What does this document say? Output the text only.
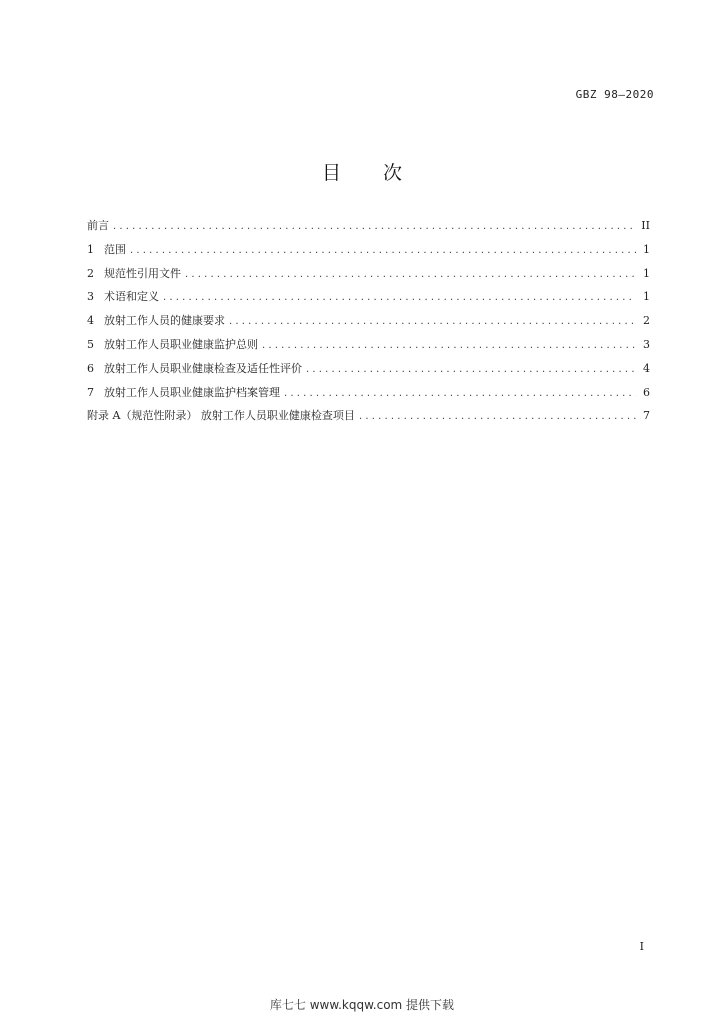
GBZ 98—2020
目 次
前言 .....	II
1 范围 .....	1
2 规范性引用文件 .....	1
3 术语和定义 .....	1
4 放射工作人员的健康要求 .....	2
5 放射工作人员职业健康监护总则 .....	3
6 放射工作人员职业健康检查及适任性评价 .....	4
7 放射工作人员职业健康监护档案管理 .....	6
附录 A（规范性附录） 放射工作人员职业健康检查项目 .....	7
I
库七七 www.kqqw.com 提供下载
